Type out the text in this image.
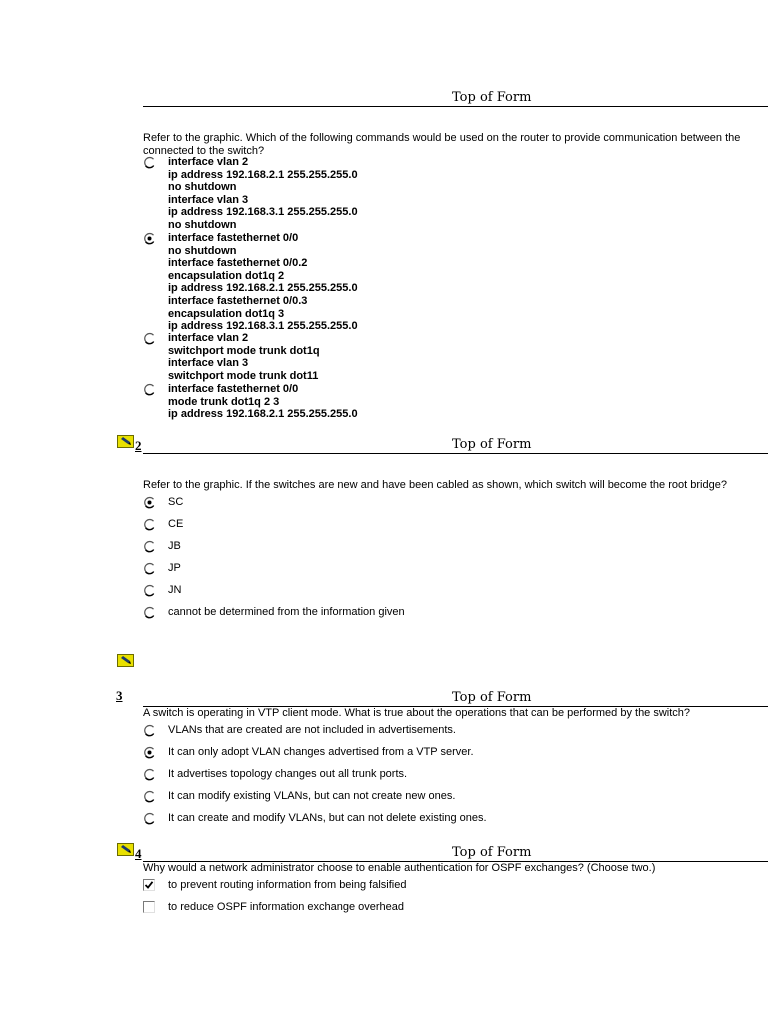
Top of Form
Refer to the graphic. Which of the following commands would be used on the router to provide communication between the
connected to the switch?
interface vlan 2
ip address 192.168.2.1 255.255.255.0
no shutdown
interface vlan 3
ip address 192.168.3.1 255.255.255.0
no shutdown
interface fastethernet 0/0
no shutdown
interface fastethernet 0/0.2
encapsulation dot1q 2
ip address 192.168.2.1 255.255.255.0
interface fastethernet 0/0.3
encapsulation dot1q 3
ip address 192.168.3.1 255.255.255.0
interface vlan 2
switchport mode trunk dot1q
interface vlan 3
switchport mode trunk dot11
interface fastethernet 0/0
mode trunk dot1q 2 3
ip address 192.168.2.1 255.255.255.0
2	Top of Form
Refer to the graphic. If the switches are new and have been cabled as shown, which switch will become the root bridge?
SC
CE
JB
JP
JN
cannot be determined from the information given
3	Top of Form
A switch is operating in VTP client mode. What is true about the operations that can be performed by the switch?
VLANs that are created are not included in advertisements.
It can only adopt VLAN changes advertised from a VTP server.
It advertises topology changes out all trunk ports.
It can modify existing VLANs, but can not create new ones.
It can create and modify VLANs, but can not delete existing ones.
4	Top of Form
Why would a network administrator choose to enable authentication for OSPF exchanges? (Choose two.)
to prevent routing information from being falsified
to reduce OSPF information exchange overhead
